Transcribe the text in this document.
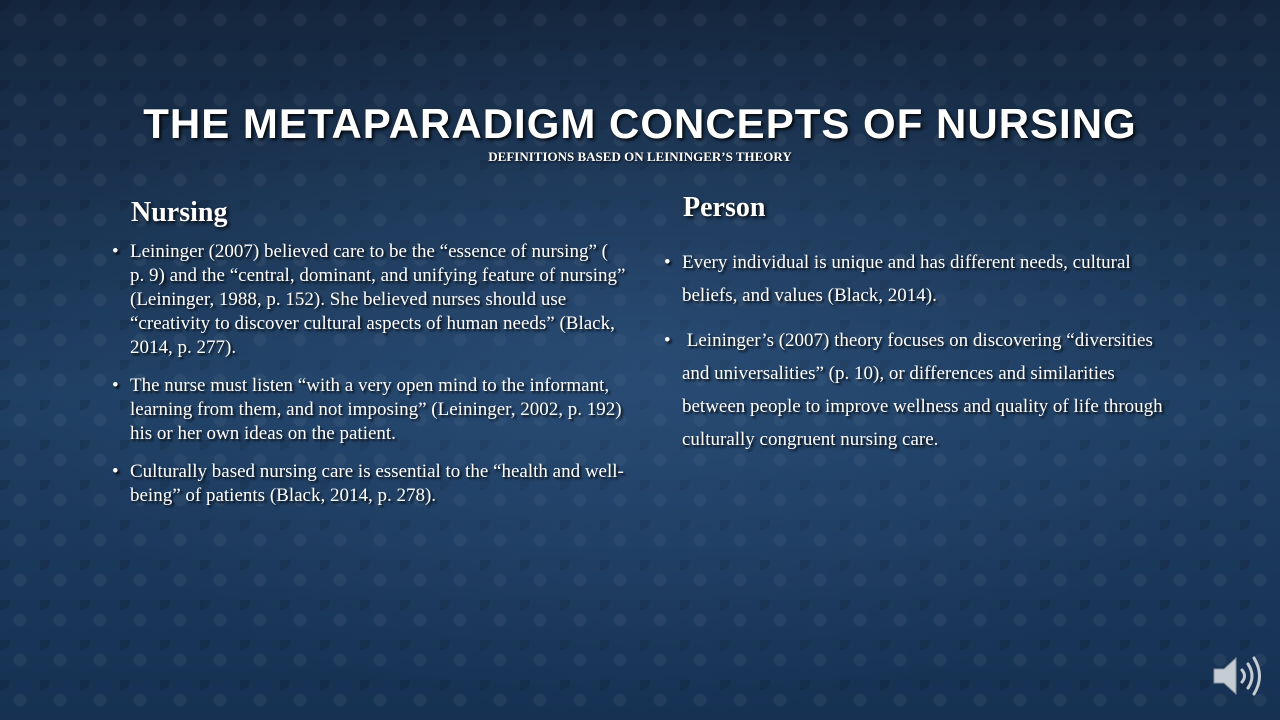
THE METAPARADIGM CONCEPTS OF NURSING
DEFINITIONS BASED ON LEININGER’S THEORY
Nursing
• Leininger (2007) believed care to be the “essence of nursing” ( p. 9) and the “central, dominant, and unifying feature of nursing” (Leininger, 1988, p. 152). She believed nurses should use “creativity to discover cultural aspects of human needs” (Black, 2014, p. 277).
• The nurse must listen “with a very open mind to the informant, learning from them, and not imposing” (Leininger, 2002, p. 192) his or her own ideas on the patient.
• Culturally based nursing care is essential to the “health and well-being” of patients (Black, 2014, p. 278).
Person
• Every individual is unique and has different needs, cultural beliefs, and values (Black, 2014).
• Leininger’s (2007) theory focuses on discovering “diversities and universalities” (p. 10), or differences and similarities between people to improve wellness and quality of life through culturally congruent nursing care.
